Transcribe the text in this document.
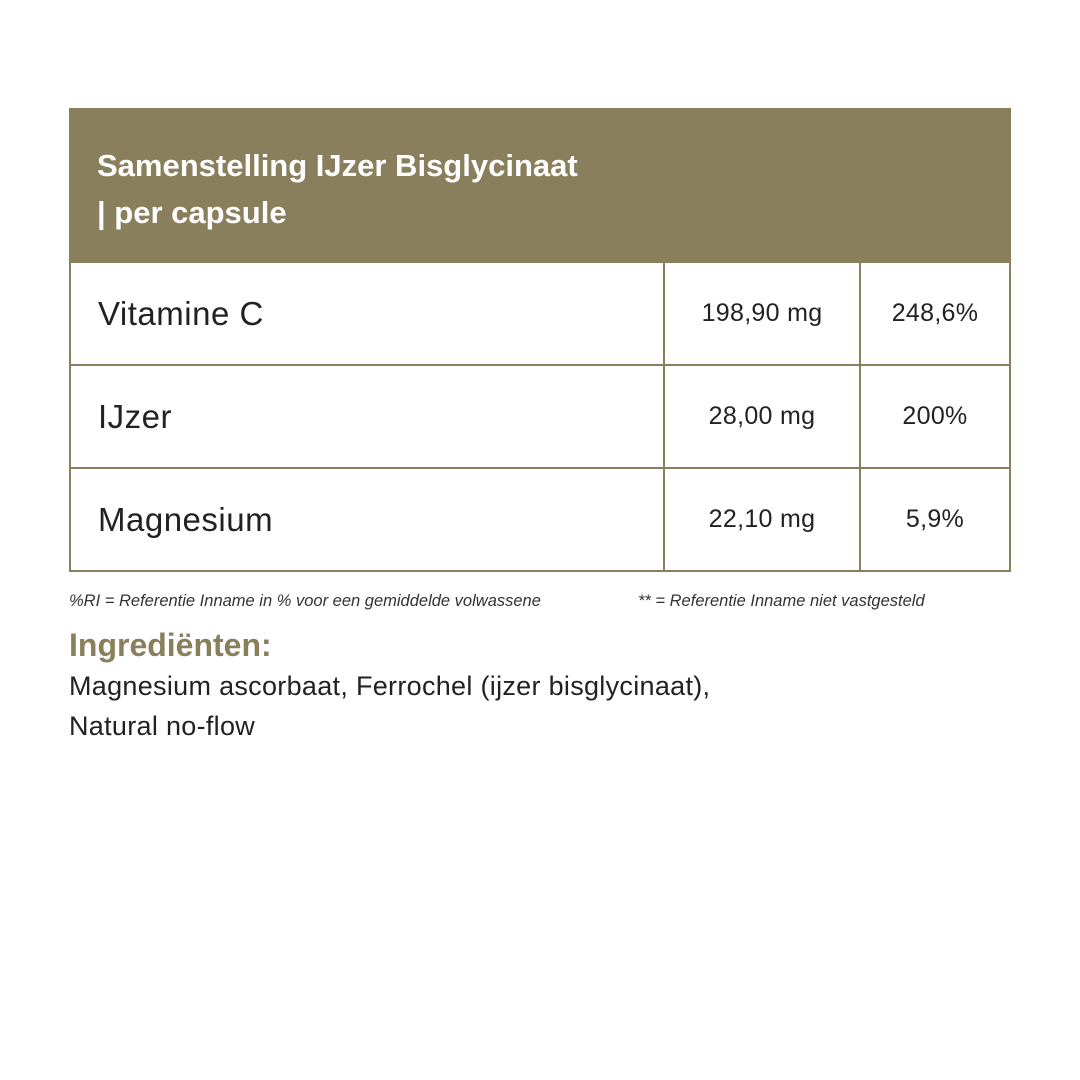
Samenstelling IJzer Bisglycinaat
| per capsule
Vitamine C	198,90 mg	248,6%
IJzer	28,00 mg	200%
Magnesium	22,10 mg	5,9%
%RI = Referentie Inname in % voor een gemiddelde volwassene	** = Referentie Inname niet vastgesteld
Ingrediënten:
Magnesium ascorbaat, Ferrochel (ijzer bisglycinaat),
Natural no-flow
